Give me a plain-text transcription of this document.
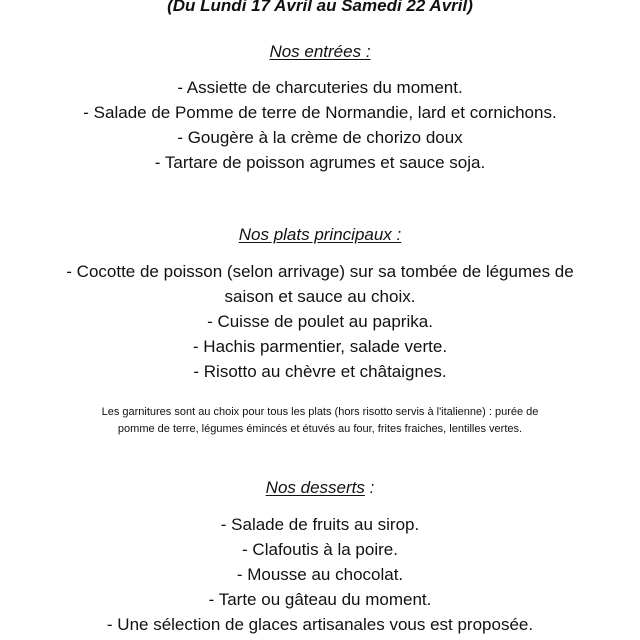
(Du Lundi 17 Avril au Samedi 22 Avril)
Nos entrées :
- Assiette de charcuteries du moment.
- Salade de Pomme de terre de Normandie, lard et cornichons.
- Gougère à la crème de chorizo doux
- Tartare de poisson agrumes et sauce soja.
Nos plats principaux :
- Cocotte de poisson (selon arrivage) sur sa tombée de légumes de saison et sauce au choix.
- Cuisse de poulet au paprika.
- Hachis parmentier, salade verte.
- Risotto au chèvre et châtaignes.
Les garnitures sont au choix pour tous les plats (hors risotto servis à l'italienne) : purée de pomme de terre, légumes émincés et étuvés au four, frites fraiches, lentilles vertes.
Nos desserts :
- Salade de fruits au sirop.
- Clafoutis à la poire.
- Mousse au chocolat.
- Tarte ou gâteau du moment.
- Une sélection de glaces artisanales vous est proposée.
